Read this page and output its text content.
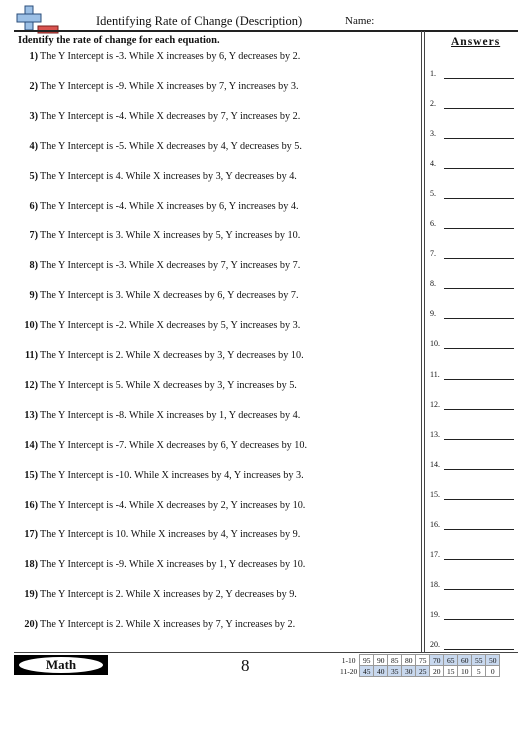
Identifying Rate of Change (Description)	Name:
Identify the rate of change for each equation.	Answers
1) The Y Intercept is -3. While X increases by 6, Y decreases by 2.
2) The Y Intercept is -9. While X increases by 7, Y increases by 3.
3) The Y Intercept is -4. While X decreases by 7, Y increases by 2.
4) The Y Intercept is -5. While X decreases by 4, Y decreases by 5.
5) The Y Intercept is 4. While X increases by 3, Y decreases by 4.
6) The Y Intercept is -4. While X increases by 6, Y increases by 4.
7) The Y Intercept is 3. While X increases by 5, Y increases by 10.
8) The Y Intercept is -3. While X decreases by 7, Y increases by 7.
9) The Y Intercept is 3. While X decreases by 6, Y decreases by 7.
10) The Y Intercept is -2. While X decreases by 5, Y increases by 3.
11) The Y Intercept is 2. While X decreases by 3, Y decreases by 10.
12) The Y Intercept is 5. While X decreases by 3, Y increases by 5.
13) The Y Intercept is -8. While X increases by 1, Y decreases by 4.
14) The Y Intercept is -7. While X decreases by 6, Y decreases by 10.
15) The Y Intercept is -10. While X increases by 4, Y increases by 3.
16) The Y Intercept is -4. While X decreases by 2, Y increases by 10.
17) The Y Intercept is 10. While X increases by 4, Y increases by 9.
18) The Y Intercept is -9. While X increases by 1, Y decreases by 10.
19) The Y Intercept is 2. While X increases by 2, Y decreases by 9.
20) The Y Intercept is 2. While X increases by 7, Y increases by 2.
1.
2.
3.
4.
5.
6.
7.
8.
9.
10.
11.
12.
13.
14.
15.
16.
17.
18.
19.
20.
Math	8	1-10	95	90	85	80	75	70	65	60	55	50
11-20	45	40	35	30	25	20	15	10	5	0
